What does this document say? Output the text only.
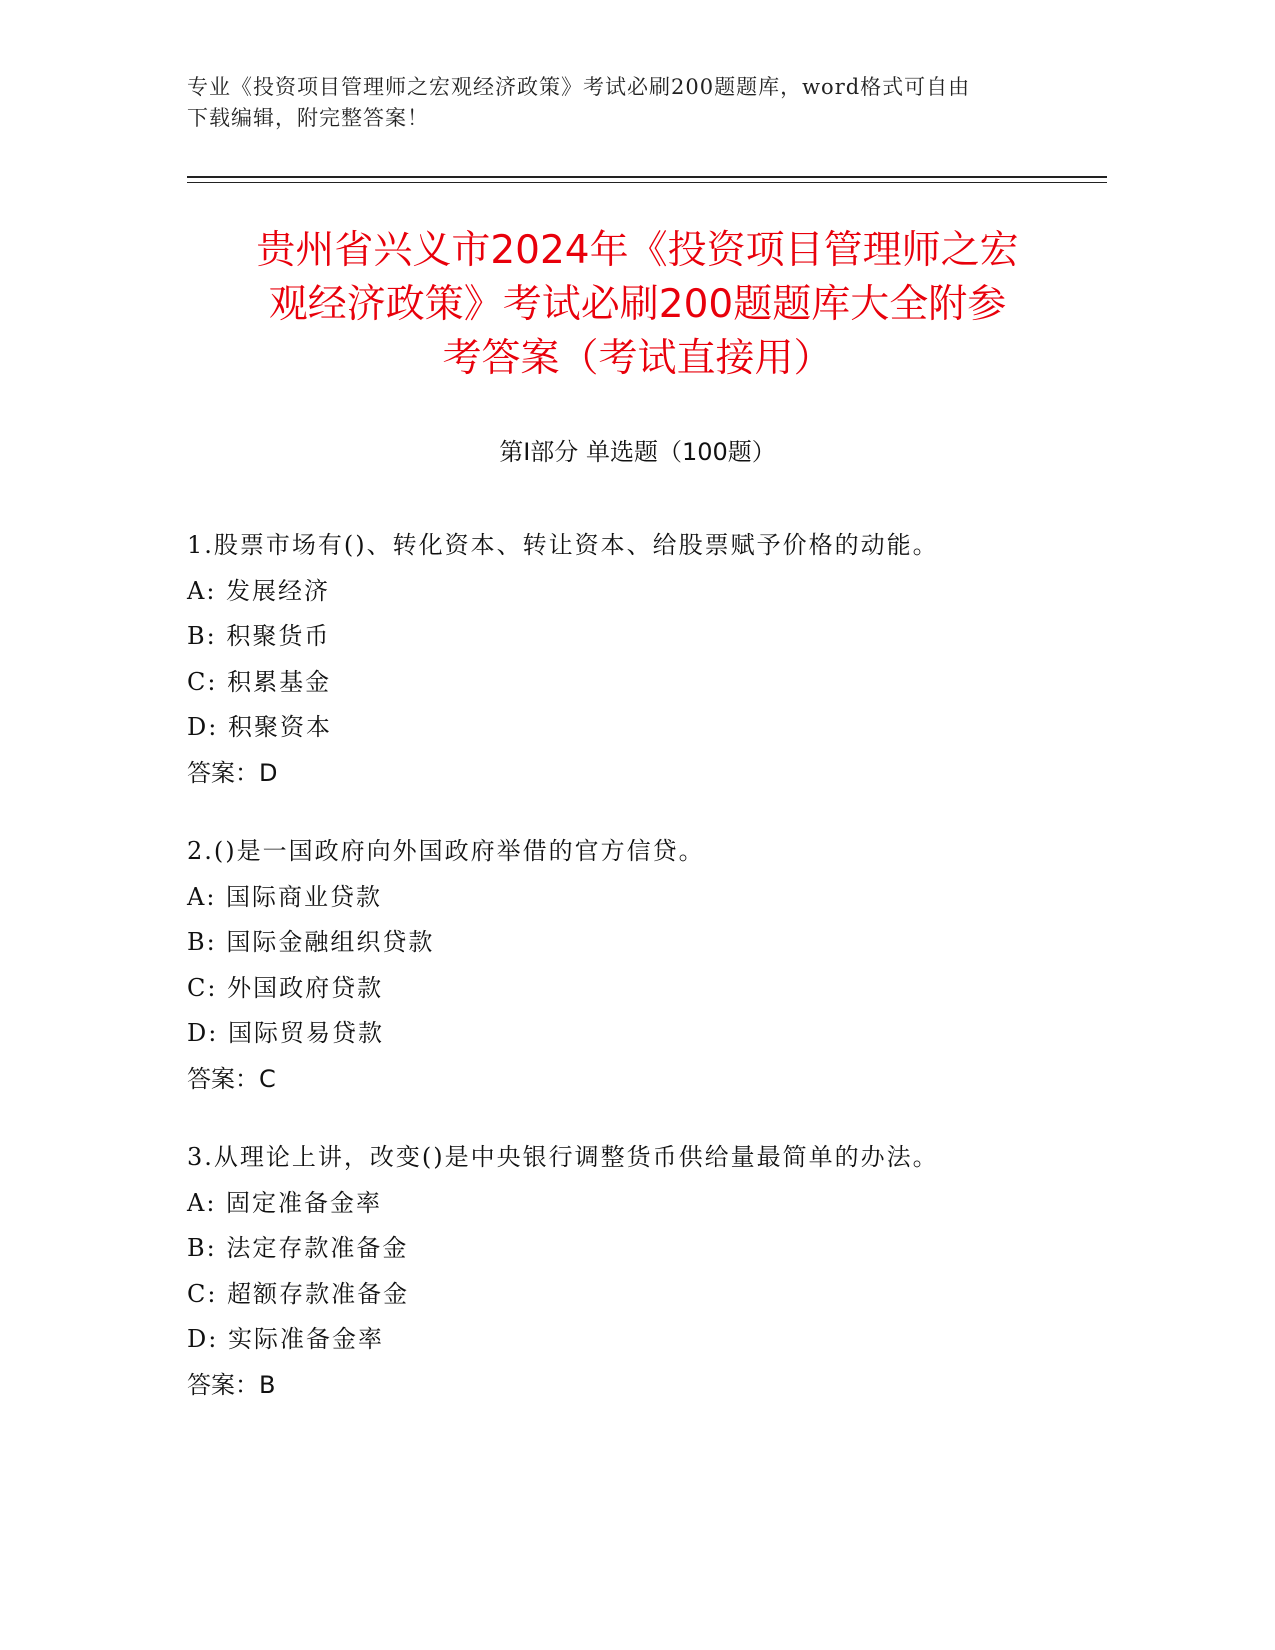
专业《投资项目管理师之宏观经济政策》考试必刷200题题库，word格式可自由
下载编辑，附完整答案！
贵州省兴义市2024年《投资项目管理师之宏
观经济政策》考试必刷200题题库大全附参
考答案（考试直接用）
第Ⅰ部分 单选题（100题）
1.股票市场有()、转化资本、转让资本、给股票赋予价格的动能。
A: 发展经济
B: 积聚货币
C: 积累基金
D: 积聚资本
答案：D
2.()是一国政府向外国政府举借的官方信贷。
A: 国际商业贷款
B: 国际金融组织贷款
C: 外国政府贷款
D: 国际贸易贷款
答案：C
3.从理论上讲，改变()是中央银行调整货币供给量最简单的办法。
A: 固定准备金率
B: 法定存款准备金
C: 超额存款准备金
D: 实际准备金率
答案：B
